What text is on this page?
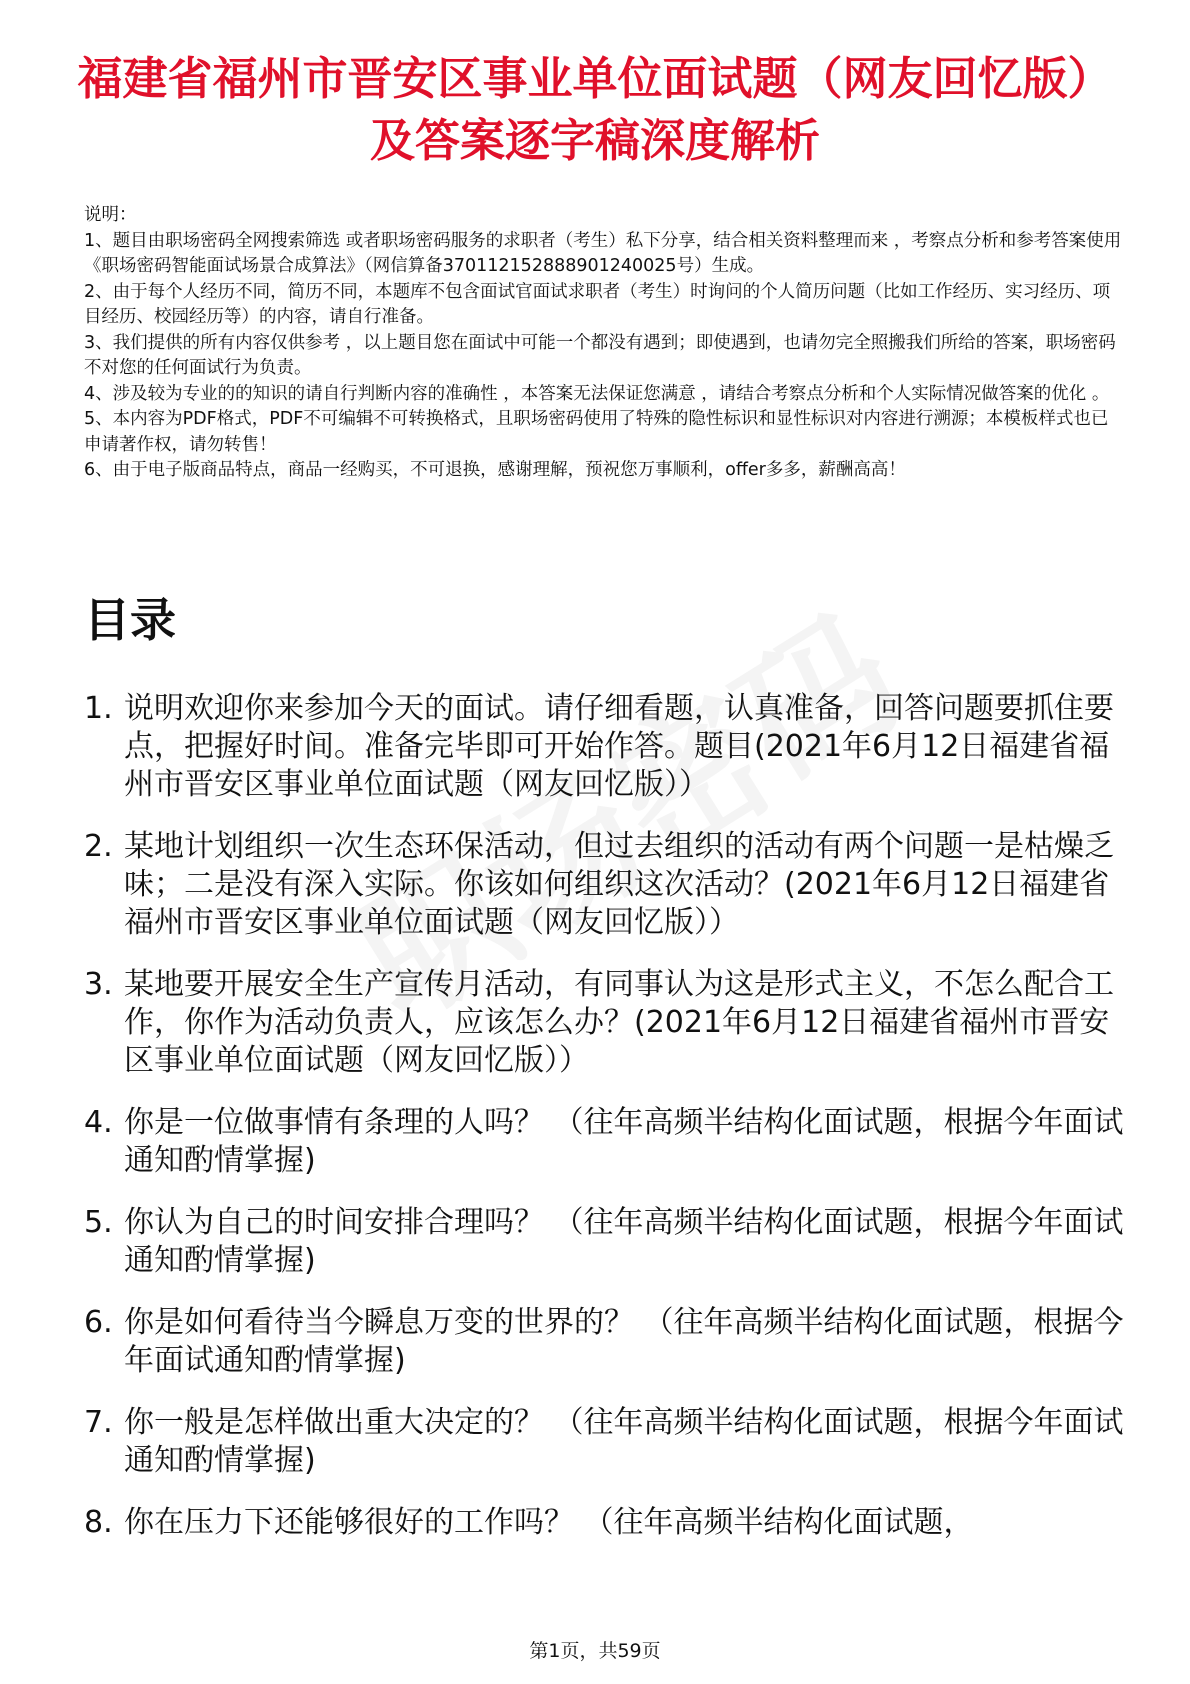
福建省福州市晋安区事业单位面试题（网友回忆版）及答案逐字稿深度解析

说明：

1、题目由职场密码全网搜索筛选 或者职场密码服务的求职者（考生）私下分享，结合相关资料整理而来 ，考察点分析和参考答案使用《职场密码智能面试场景合成算法》（网信算备370112152888901240025号）生成。

2、由于每个人经历不同，简历不同，本题库不包含面试官面试求职者（考生）时询问的个人简历问题（比如工作经历、实习经历、项目经历、校园经历等）的内容，请自行准备。

3、我们提供的所有内容仅供参考 ，以上题目您在面试中可能一个都没有遇到；即使遇到，也请勿完全照搬我们所给的答案，职场密码不对您的任何面试行为负责。

4、涉及较为专业的的知识的请自行判断内容的准确性 ，本答案无法保证您满意 ，请结合考察点分析和个人实际情况做答案的优化 。

5、本内容为PDF格式，PDF不可编辑不可转换格式，且职场密码使用了特殊的隐性标识和显性标识对内容进行溯源；本模板样式也已申请著作权，请勿转售！

6、由于电子版商品特点，商品一经购买，不可退换，感谢理解，预祝您万事顺利，offer多多，薪酬高高！

目录
1. 说明欢迎你来参加今天的面试。请仔细看题，认真准备，回答问题要抓住要点，把握好时间。准备完毕即可开始作答。题目(2021年6月12日福建省福州市晋安区事业单位面试题（网友回忆版））
2. 某地计划组织一次生态环保活动，但过去组织的活动有两个问题一是枯燥乏味；二是没有深入实际。你该如何组织这次活动？(2021年6月12日福建省福州市晋安区事业单位面试题（网友回忆版））
3. 某地要开展安全生产宣传月活动，有同事认为这是形式主义，不怎么配合工作，你作为活动负责人，应该怎么办？(2021年6月12日福建省福州市晋安区事业单位面试题（网友回忆版））
4. 你是一位做事情有条理的人吗？ （往年高频半结构化面试题，根据今年面试通知酌情掌握)
5. 你认为自己的时间安排合理吗？ （往年高频半结构化面试题，根据今年面试通知酌情掌握)
6. 你是如何看待当今瞬息万变的世界的？ （往年高频半结构化面试题，根据今年面试通知酌情掌握)
7. 你一般是怎样做出重大决定的？ （往年高频半结构化面试题，根据今年面试通知酌情掌握)
8. 你在压力下还能够很好的工作吗？ （往年高频半结构化面试题，
第1页，共59页
